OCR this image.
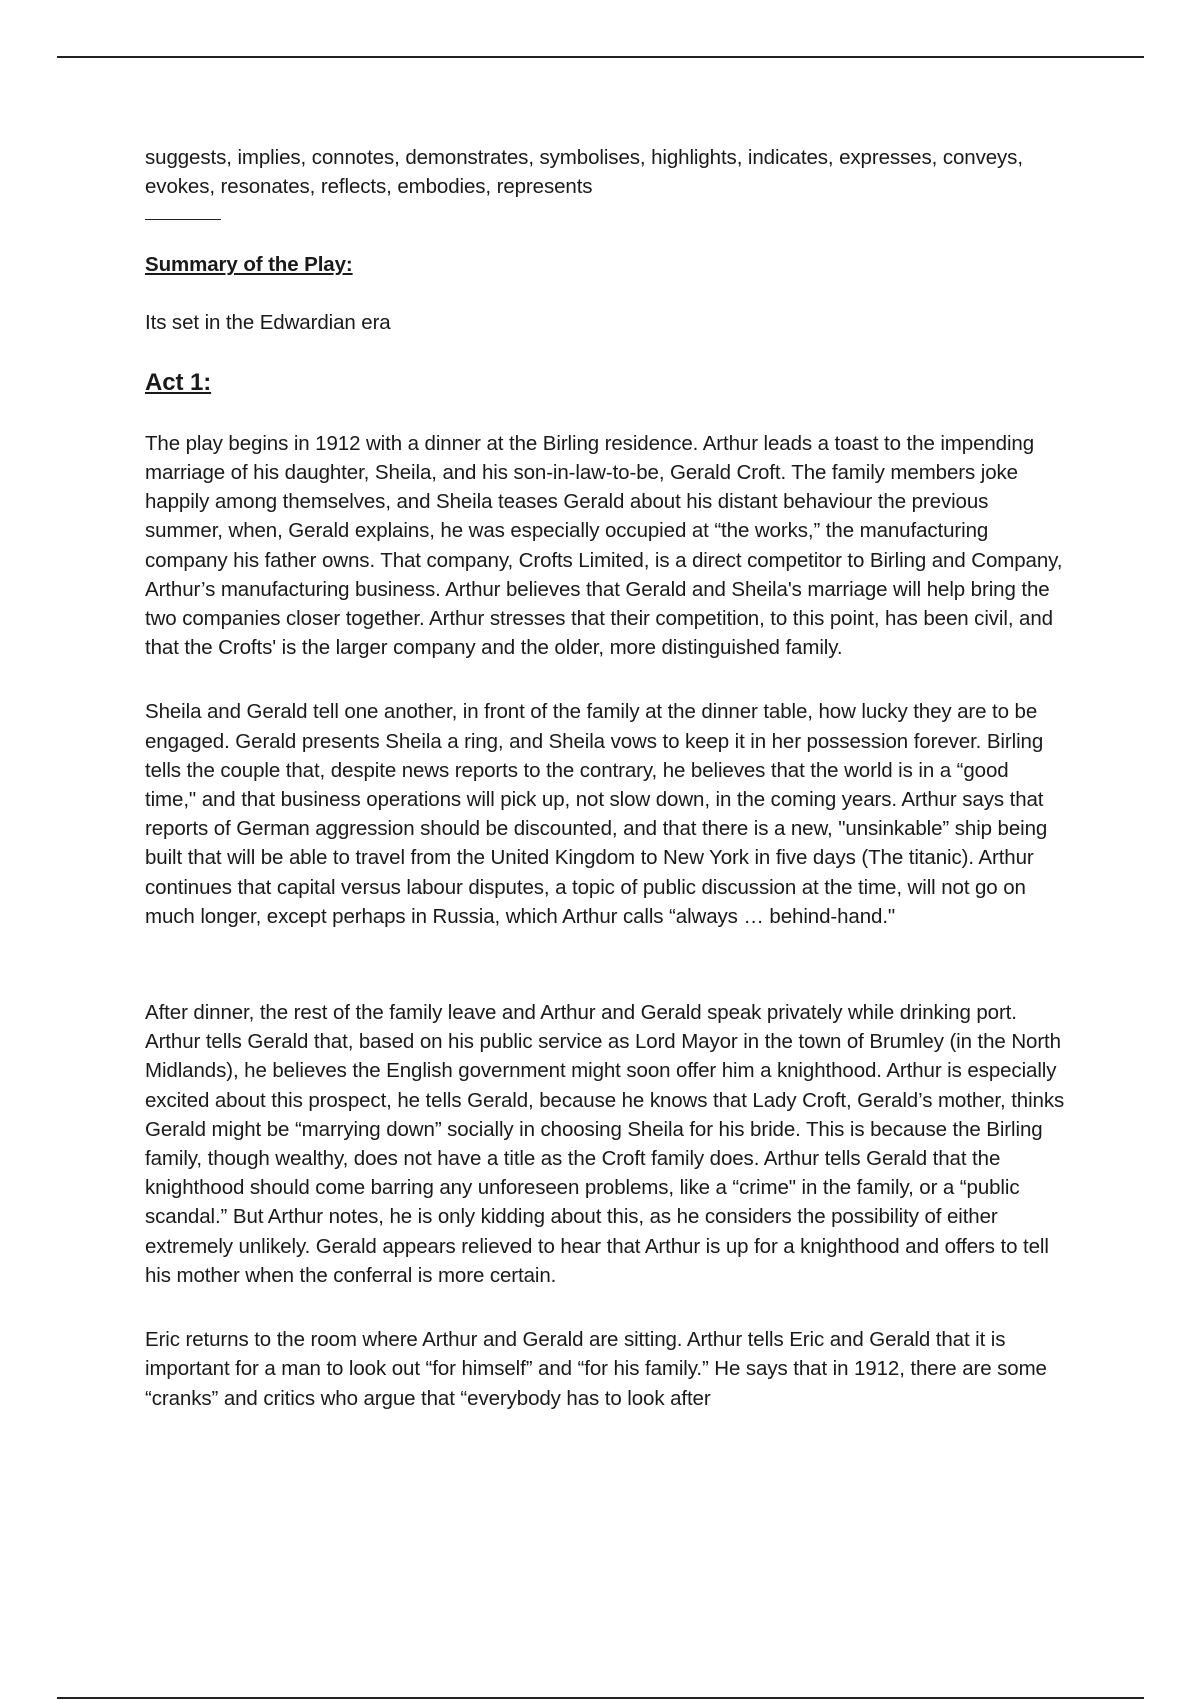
suggests, implies, connotes, demonstrates, symbolises, highlights, indicates, expresses, conveys, evokes, resonates, reflects, embodies, represents

Summary of the Play:

Its set in the Edwardian era

Act 1:

The play begins in 1912 with a dinner at the Birling residence. Arthur leads a toast to the impending marriage of his daughter, Sheila, and his son-in-law-to-be, Gerald Croft. The family members joke happily among themselves, and Sheila teases Gerald about his distant behaviour the previous summer, when, Gerald explains, he was especially occupied at “the works,” the manufacturing company his father owns. That company, Crofts Limited, is a direct competitor to Birling and Company, Arthur’s manufacturing business. Arthur believes that Gerald and Sheila's marriage will help bring the two companies closer together. Arthur stresses that their competition, to this point, has been civil, and that the Crofts' is the larger company and the older, more distinguished family.

Sheila and Gerald tell one another, in front of the family at the dinner table, how lucky they are to be engaged. Gerald presents Sheila a ring, and Sheila vows to keep it in her possession forever. Birling tells the couple that, despite news reports to the contrary, he believes that the world is in a “good time," and that business operations will pick up, not slow down, in the coming years. Arthur says that reports of German aggression should be discounted, and that there is a new, "unsinkable” ship being built that will be able to travel from the United Kingdom to New York in five days (The titanic). Arthur continues that capital versus labour disputes, a topic of public discussion at the time, will not go on much longer, except perhaps in Russia, which Arthur calls “always … behind-hand."

After dinner, the rest of the family leave and Arthur and Gerald speak privately while drinking port. Arthur tells Gerald that, based on his public service as Lord Mayor in the town of Brumley (in the North Midlands), he believes the English government might soon offer him a knighthood. Arthur is especially excited about this prospect, he tells Gerald, because he knows that Lady Croft, Gerald’s mother, thinks Gerald might be “marrying down” socially in choosing Sheila for his bride. This is because the Birling family, though wealthy, does not have a title as the Croft family does. Arthur tells Gerald that the knighthood should come barring any unforeseen problems, like a “crime" in the family, or a “public scandal.” But Arthur notes, he is only kidding about this, as he considers the possibility of either extremely unlikely. Gerald appears relieved to hear that Arthur is up for a knighthood and offers to tell his mother when the conferral is more certain.

Eric returns to the room where Arthur and Gerald are sitting. Arthur tells Eric and Gerald that it is important for a man to look out “for himself” and “for his family.” He says that in 1912, there are some “cranks” and critics who argue that “everybody has to look after
